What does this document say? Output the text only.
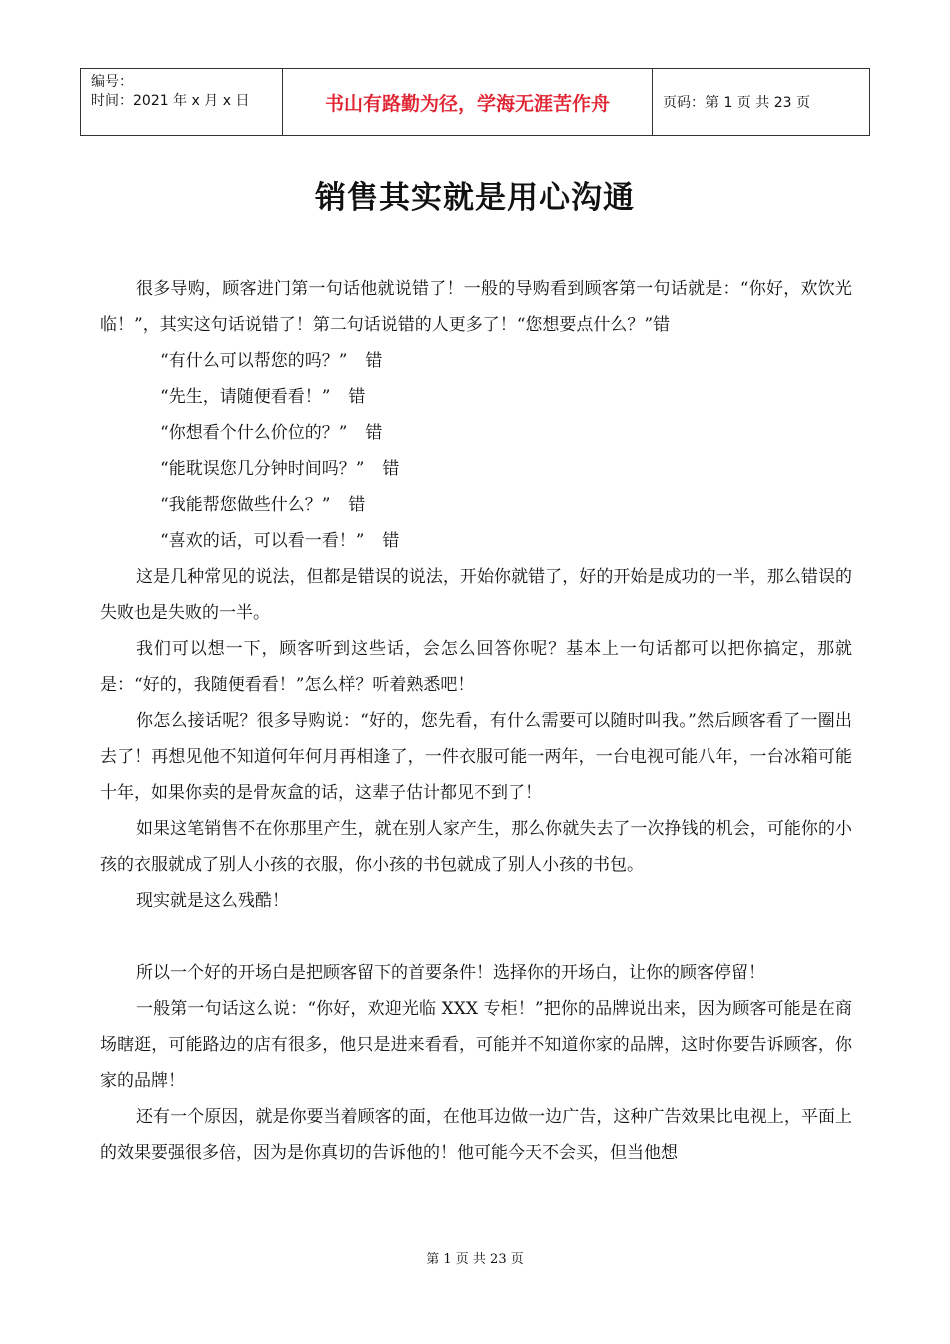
编号：
时间：2021 年 x 月 x 日	书山有路勤为径，学海无涯苦作舟	页码：第 1 页 共 23 页
销售其实就是用心沟通

很多导购，顾客进门第一句话他就说错了！一般的导购看到顾客第一句话就是：“你好，欢饮光临！”，其实这句话说错了！第二句话说错的人更多了！“您想要点什么？”错

“有什么可以帮您的吗？” 错

“先生，请随便看看！” 错

“你想看个什么价位的？” 错

“能耽误您几分钟时间吗？” 错

“我能帮您做些什么？” 错

“喜欢的话，可以看一看！” 错

这是几种常见的说法，但都是错误的说法，开始你就错了，好的开始是成功的一半，那么错误的失败也是失败的一半。

我们可以想一下，顾客听到这些话，会怎么回答你呢？基本上一句话都可以把你搞定，那就是：“好的，我随便看看！”怎么样？听着熟悉吧！

你怎么接话呢？很多导购说：“好的，您先看，有什么需要可以随时叫我。”然后顾客看了一圈出去了！再想见他不知道何年何月再相逢了，一件衣服可能一两年，一台电视可能八年，一台冰箱可能十年，如果你卖的是骨灰盒的话，这辈子估计都见不到了！

如果这笔销售不在你那里产生，就在别人家产生，那么你就失去了一次挣钱的机会，可能你的小孩的衣服就成了别人小孩的衣服，你小孩的书包就成了别人小孩的书包。

现实就是这么残酷！

所以一个好的开场白是把顾客留下的首要条件！选择你的开场白，让你的顾客停留！

一般第一句话这么说：“你好，欢迎光临 XXX 专柜！”把你的品牌说出来，因为顾客可能是在商场瞎逛，可能路边的店有很多，他只是进来看看，可能并不知道你家的品牌，这时你要告诉顾客，你家的品牌！

还有一个原因，就是你要当着顾客的面，在他耳边做一边广告，这种广告效果比电视上，平面上的效果要强很多倍，因为是你真切的告诉他的！他可能今天不会买，但当他想

第 1 页 共 23 页
